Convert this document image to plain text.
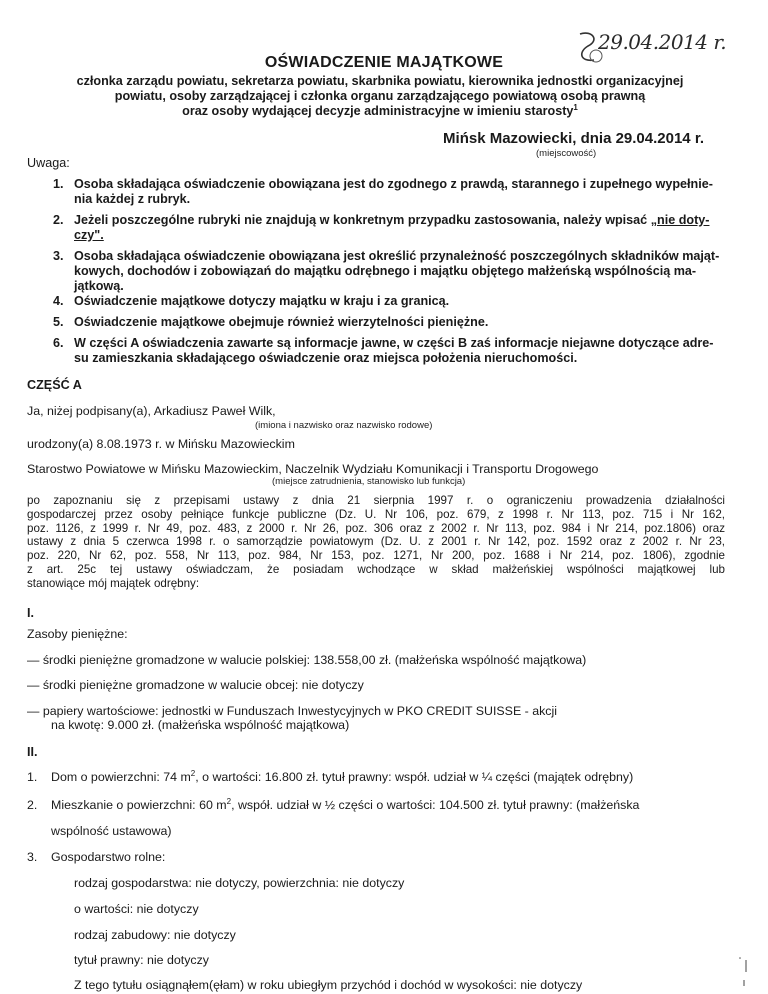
29.04.2014 r.
OŚWIADCZENIE MAJĄTKOWE
członka zarządu powiatu, sekretarza powiatu, skarbnika powiatu, kierownika jednostki organizacyjnej
powiatu, osoby zarządzającej i członka organu zarządzającego powiatową osobą prawną
oraz osoby wydającej decyzje administracyjne w imieniu starosty$^1$
Mińsk Mazowiecki, dnia 29.04.2014 r.
(miejscowość)
Uwaga:
1. Osoba składająca oświadczenie obowiązana jest do zgodnego z prawdą, starannego i zupełnego wypełnie-
nia każdej z rubryk.
2. Jeżeli poszczególne rubryki nie znajdują w konkretnym przypadku zastosowania, należy wpisać „nie doty-
czy".
3. Osoba składająca oświadczenie obowiązana jest określić przynależność poszczególnych składników mająt-
kowych, dochodów i zobowiązań do majątku odrębnego i majątku objętego małżeńską wspólnością ma-
jątkową.
4. Oświadczenie majątkowe dotyczy majątku w kraju i za granicą.
5. Oświadczenie majątkowe obejmuje również wierzytelności pieniężne.
6. W części A oświadczenia zawarte są informacje jawne, w części B zaś informacje niejawne dotyczące adre-
su zamieszkania składającego oświadczenie oraz miejsca położenia nieruchomości.
CZĘŚĆ A
Ja, niżej podpisany(a), Arkadiusz Paweł Wilk,
(imiona i nazwisko oraz nazwisko rodowe)
urodzony(a) 8.08.1973 r. w Mińsku Mazowieckim
Starostwo Powiatowe w Mińsku Mazowieckim, Naczelnik Wydziału Komunikacji i Transportu Drogowego
(miejsce zatrudnienia, stanowisko lub funkcja)
po zapoznaniu się z przepisami ustawy z dnia 21 sierpnia 1997 r. o ograniczeniu prowadzenia działalności
gospodarczej przez osoby pełniące funkcje publiczne (Dz. U. Nr 106, poz. 679, z 1998 r. Nr 113, poz. 715 i Nr 162,
poz. 1126, z 1999 r. Nr 49, poz. 483, z 2000 r. Nr 26, poz. 306 oraz z 2002 r. Nr 113, poz. 984 i Nr 214, poz.1806) oraz
ustawy z dnia 5 czerwca 1998 r. o samorządzie powiatowym (Dz. U. z 2001 r. Nr 142, poz. 1592 oraz z 2002 r. Nr 23,
poz. 220, Nr 62, poz. 558, Nr 113, poz. 984, Nr 153, poz. 1271, Nr 200, poz. 1688 i Nr 214, poz. 1806), zgodnie
z art. 25c tej ustawy oświadczam, że posiadam wchodzące w skład małżeńskiej wspólności majątkowej lub
stanowiące mój majątek odrębny:
I.
Zasoby pieniężne:
— środki pieniężne gromadzone w walucie polskiej: 138.558,00 zł. (małżeńska wspólność majątkowa)
— środki pieniężne gromadzone w walucie obcej: nie dotyczy
— papiery wartościowe: jednostki w Funduszach Inwestycyjnych w PKO CREDIT SUISSE - akcji
na kwotę: 9.000 zł. (małżeńska wspólność majątkowa)
II.
1. Dom o powierzchni: 74 $m^2$, o wartości: 16.800 zł. tytuł prawny: współ. udział w ¼ części (majątek odrębny)
2. Mieszkanie o powierzchni: 60 $m^2$, współ. udział w ½ części o wartości: 104.500 zł. tytuł prawny: (małżeńska
wspólność ustawowa)
3. Gospodarstwo rolne:
rodzaj gospodarstwa: nie dotyczy, powierzchnia: nie dotyczy
o wartości: nie dotyczy
rodzaj zabudowy: nie dotyczy
tytuł prawny: nie dotyczy
Z tego tytułu osiągnąłem(ęłam) w roku ubiegłym przychód i dochód w wysokości: nie dotyczy
